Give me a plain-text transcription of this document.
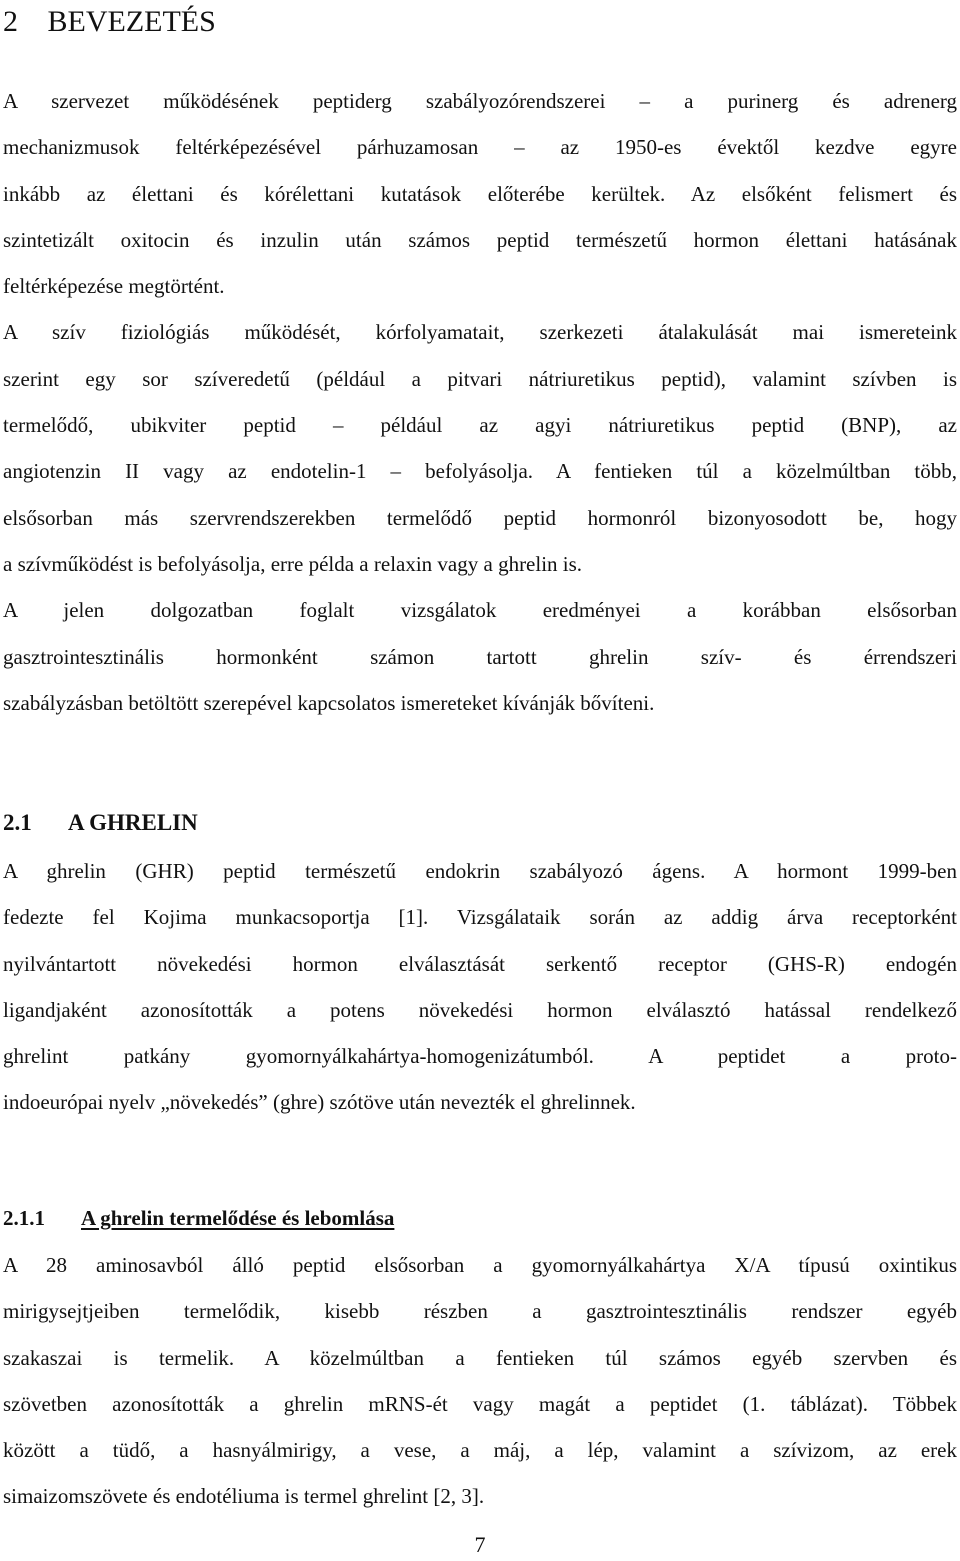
2 BEVEZETÉS
A szervezet működésének peptiderg szabályozórendszerei – a purinerg és adrenerg
mechanizmusok feltérképezésével párhuzamosan – az 1950-es évektől kezdve egyre
inkább az élettani és kórélettani kutatások előterébe kerültek. Az elsőként felismert és
szintetizált oxitocin és inzulin után számos peptid természetű hormon élettani hatásának
feltérképezése megtörtént.
A szív fiziológiás működését, kórfolyamatait, szerkezeti átalakulását mai ismereteink
szerint egy sor szíveredetű (például a pitvari nátriuretikus peptid), valamint szívben is
termelődő, ubikviter peptid – például az agyi nátriuretikus peptid (BNP), az
angiotenzin II vagy az endotelin-1 – befolyásolja. A fentieken túl a közelmúltban több,
elsősorban más szervrendszerekben termelődő peptid hormonról bizonyosodott be, hogy
a szívműködést is befolyásolja, erre példa a relaxin vagy a ghrelin is.
A jelen dolgozatban foglalt vizsgálatok eredményei a korábban elsősorban
gasztrointesztinális hormonként számon tartott ghrelin szív- és érrendszeri
szabályzásban betöltött szerepével kapcsolatos ismereteket kívánják bővíteni.
2.1 A GHRELIN
A ghrelin (GHR) peptid természetű endokrin szabályozó ágens. A hormont 1999-ben
fedezte fel Kojima munkacsoportja [1]. Vizsgálataik során az addig árva receptorként
nyilvántartott növekedési hormon elválasztását serkentő receptor (GHS-R) endogén
ligandjaként azonosították a potens növekedési hormon elválasztó hatással rendelkező
ghrelint patkány gyomornyálkahártya-homogenizátumból. A peptidet a proto-
indoeurópai nyelv „növekedés” (ghre) szótöve után nevezték el ghrelinnek.
2.1.1 A ghrelin termelődése és lebomlása
A 28 aminosavból álló peptid elsősorban a gyomornyálkahártya X/A típusú oxintikus
mirigysejtjeiben termelődik, kisebb részben a gasztrointesztinális rendszer egyéb
szakaszai is termelik. A közelmúltban a fentieken túl számos egyéb szervben és
szövetben azonosították a ghrelin mRNS-ét vagy magát a peptidet (1. táblázat). Többek
között a tüdő, a hasnyálmirigy, a vese, a máj, a lép, valamint a szívizom, az erek
simaizomszövete és endotéliuma is termel ghrelint [2, 3].
7
